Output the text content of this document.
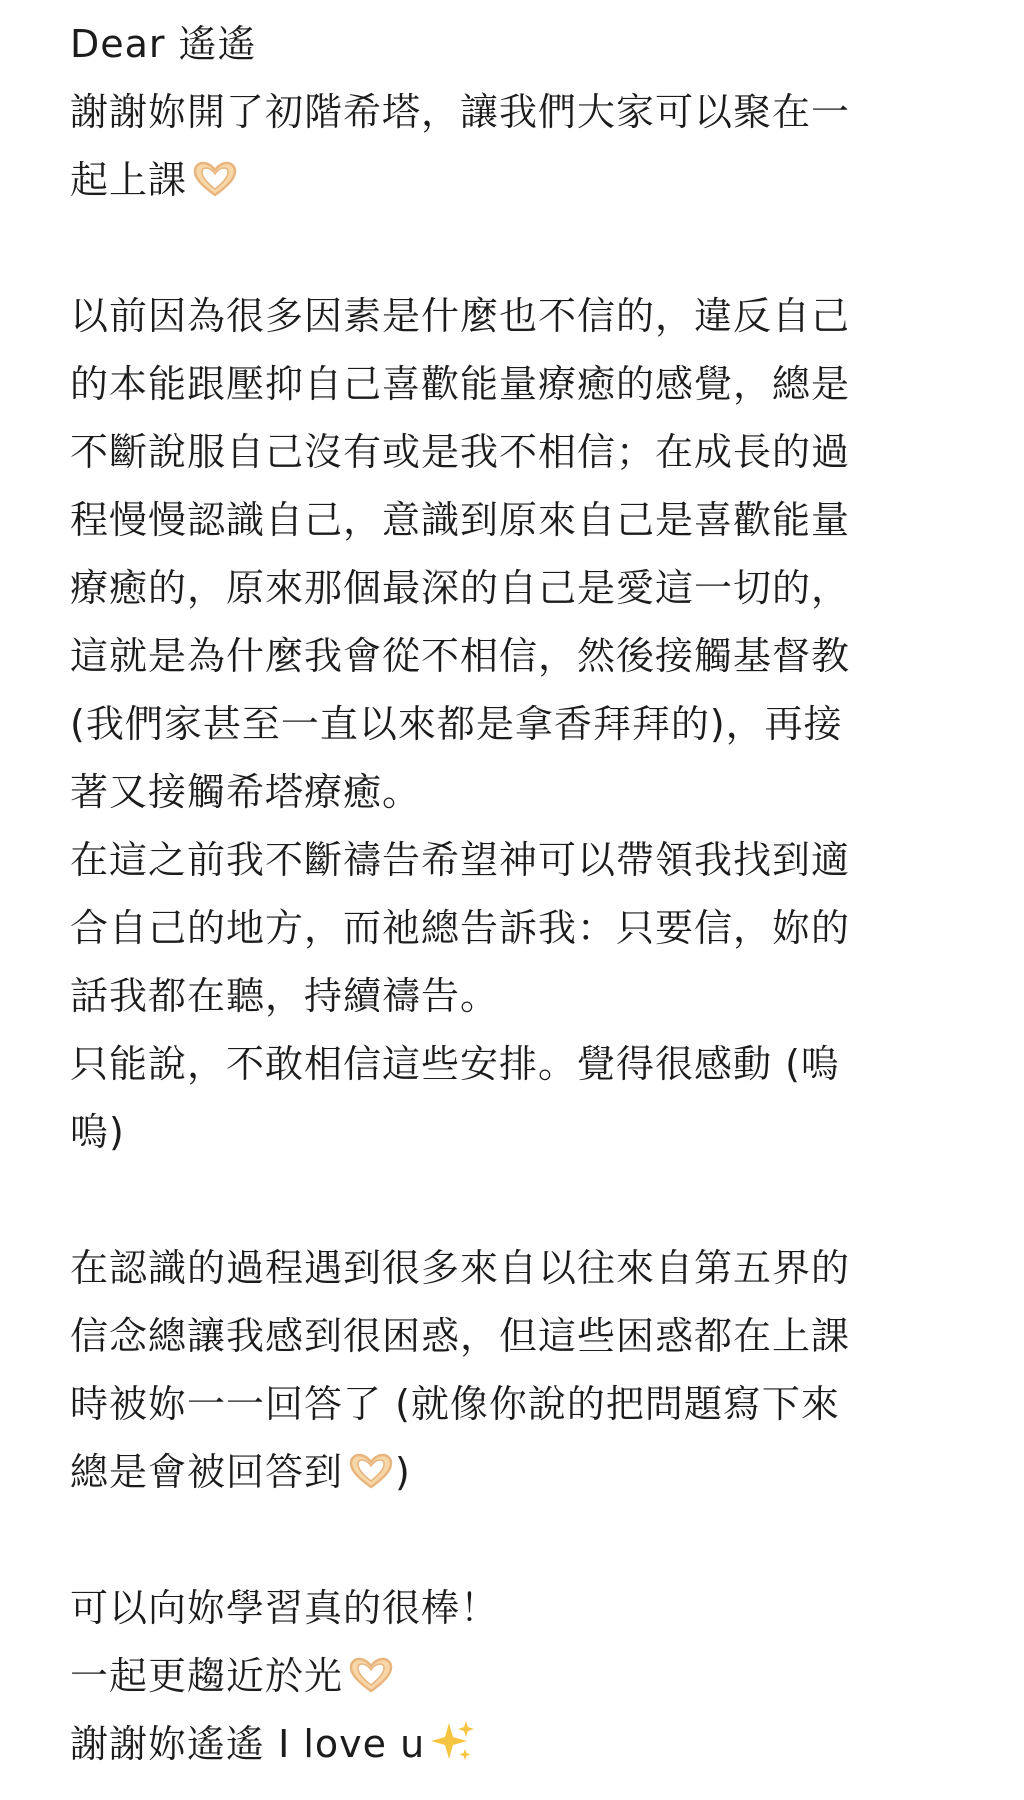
Dear 遙遙
謝謝妳開了初階希塔，讓我們大家可以聚在一
起上課
以前因為很多因素是什麼也不信的，違反自己
的本能跟壓抑自己喜歡能量療癒的感覺，總是
不斷說服自己沒有或是我不相信；在成長的過
程慢慢認識自己，意識到原來自己是喜歡能量
療癒的，原來那個最深的自己是愛這一切的，
這就是為什麼我會從不相信，然後接觸基督教
(我們家甚至一直以來都是拿香拜拜的)，再接
著又接觸希塔療癒。
在這之前我不斷禱告希望神可以帶領我找到適
合自己的地方，而祂總告訴我：只要信，妳的
話我都在聽，持續禱告。
只能說，不敢相信這些安排。覺得很感動 (嗚
嗚)
在認識的過程遇到很多來自以往來自第五界的
信念總讓我感到很困惑，但這些困惑都在上課
時被妳一一回答了 (就像你說的把問題寫下來
總是會被回答到 )
可以向妳學習真的很棒！
一起更趨近於光
謝謝妳遙遙 I love u
